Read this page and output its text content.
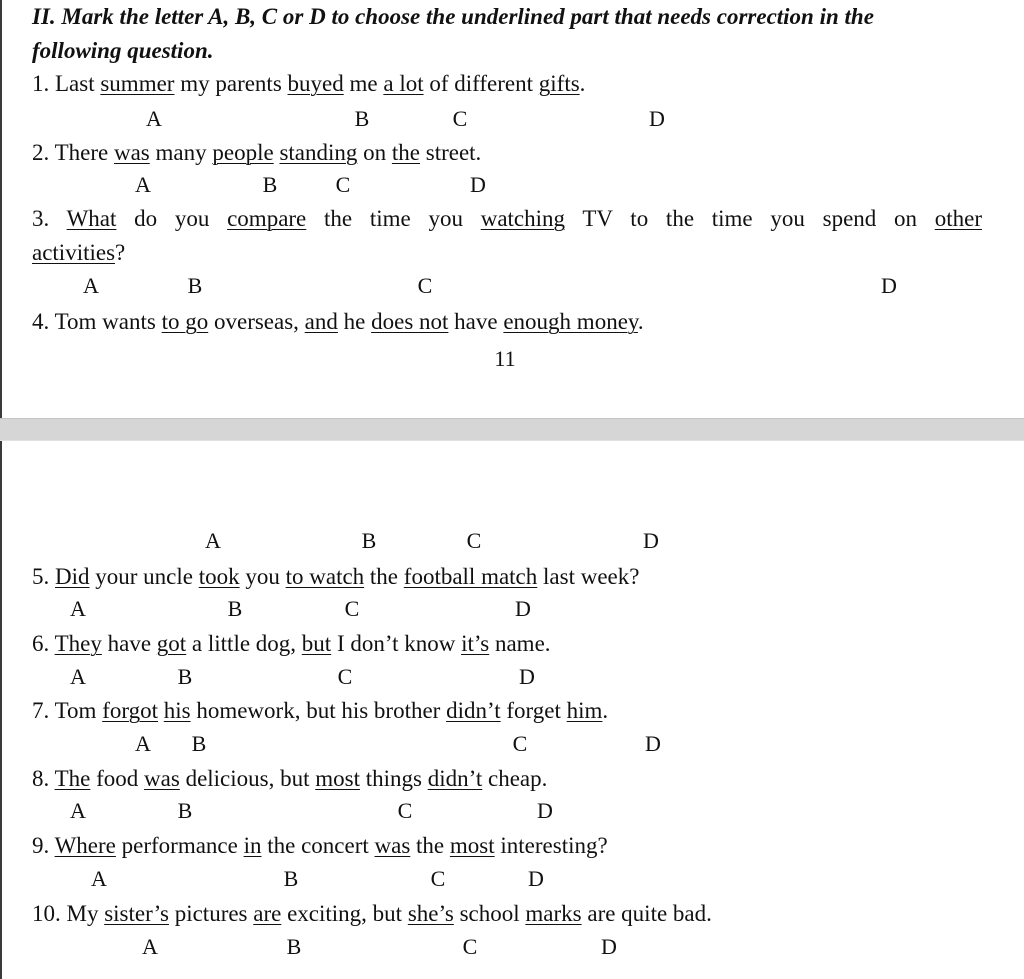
II. Mark the letter A, B, C or D to choose the underlined part that needs correction in the
following question.
1. Last summer my parents buyed me a lot of different gifts.
A	B	C	D
2. There was many people standing on the street.
A	B	C	D
3. What do you compare the time you watching TV to the time you spend on other
activities?
A	B	C	D
4. Tom wants to go overseas, and he does not have enough money.
11
A	B	C	D
5. Did your uncle took you to watch the football match last week?
A	B	C	D
6. They have got a little dog, but I don’t know it’s name.
A	B	C	D
7. Tom forgot his homework, but his brother didn’t forget him.
A B	C	D
8. The food was delicious, but most things didn’t cheap.
A	B	C	D
9. Where performance in the concert was the most interesting?
A	B	C	D
10. My sister’s pictures are exciting, but she’s school marks are quite bad.
A	B	C	D
